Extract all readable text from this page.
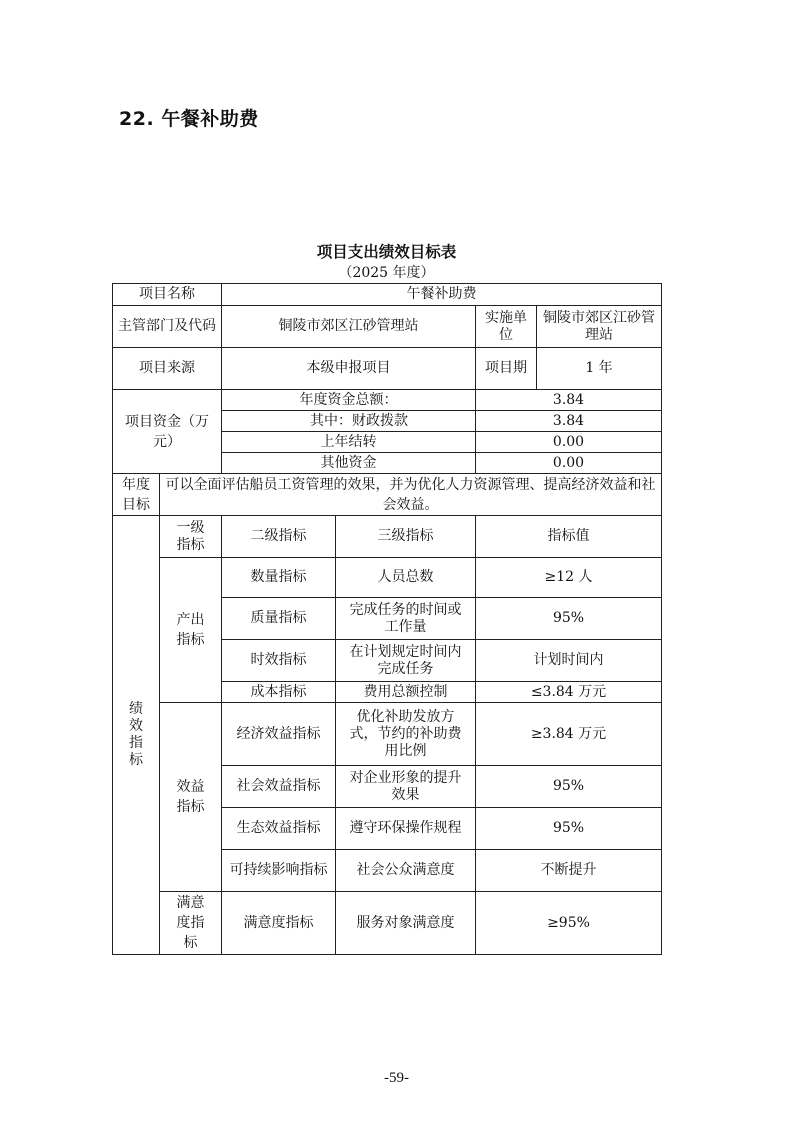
22. 午餐补助费
项目支出绩效目标表
（2025 年度）
项目名称		午餐补助费			
主管部门及代码		铜陵市郊区江砂管理站		实施单位	铜陵市郊区江砂管理站
项目来源		本级申报项目		项目期	1 年
项目资金（万元）		年度资金总额：		3.84	
		其中：财政拨款		3.84	
		上年结转		0.00	
		其他资金		0.00	
年度目标	可以全面评估船员工资管理的效果，并为优化人力资源管理、提高经济效益和社会效益。				
绩效指标	一级指标	二级指标	三级指标	指标值	
	产出指标	数量指标	人员总数	≥12 人	
		质量指标	完成任务的时间或工作量	95%	
		时效指标	在计划规定时间内完成任务	计划时间内	
		成本指标	费用总额控制	≤3.84 万元	
	效益指标	经济效益指标	优化补助发放方式，节约的补助费用比例	≥3.84 万元	
		社会效益指标	对企业形象的提升效果	95%	
		生态效益指标	遵守环保操作规程	95%	
		可持续影响指标	社会公众满意度	不断提升	
	满意度指标	满意度指标	服务对象满意度	≥95%	
-59-
